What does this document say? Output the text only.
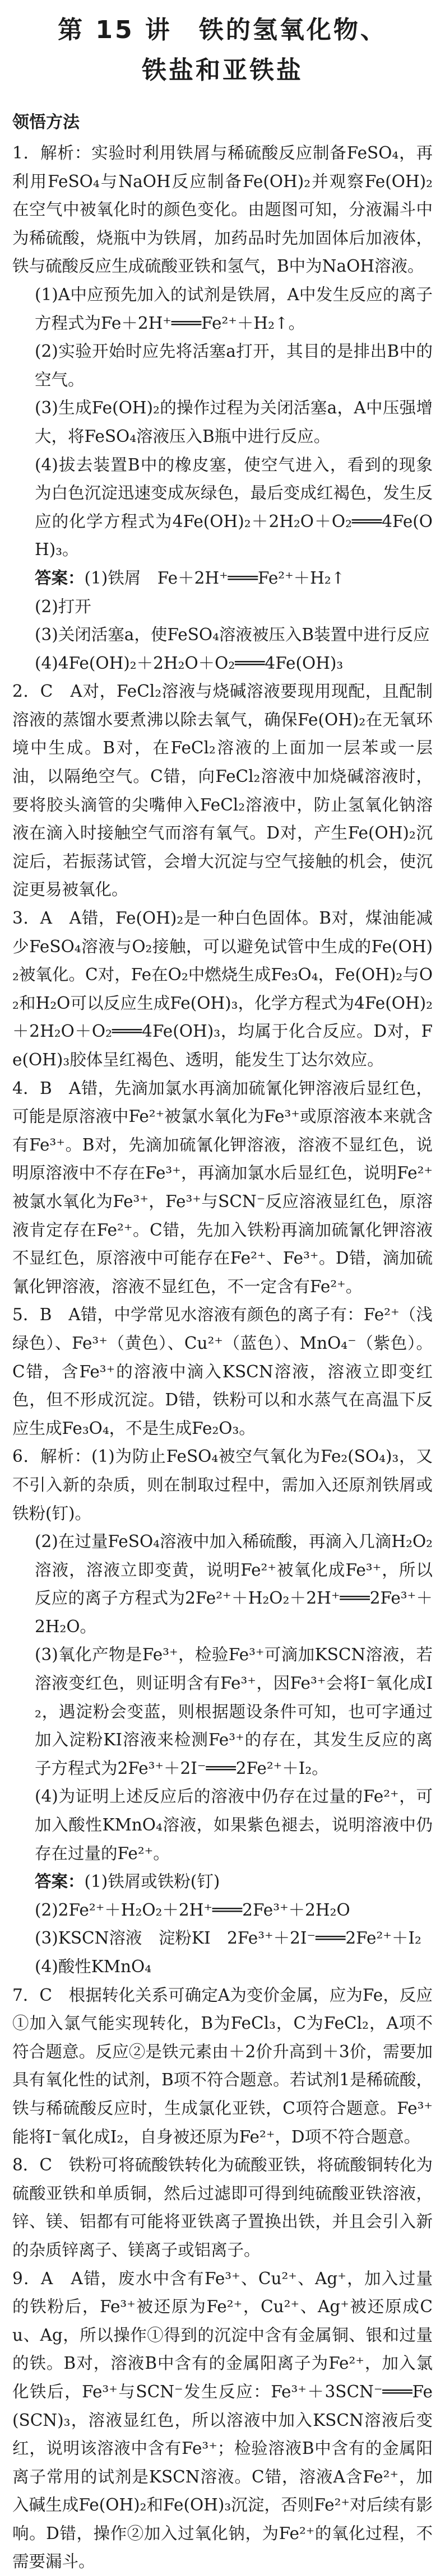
第 15 讲　铁的氢氧化物、

铁盐和亚铁盐

领悟方法

1．解析：实验时利用铁屑与稀硫酸反应制备FeSO₄，再利用FeSO₄与NaOH反应制备Fe(OH)₂并观察Fe(OH)₂在空气中被氧化时的颜色变化。由题图可知，分液漏斗中为稀硫酸，烧瓶中为铁屑，加药品时先加固体后加液体，铁与硫酸反应生成硫酸亚铁和氢气，B中为NaOH溶液。

(1)A中应预先加入的试剂是铁屑，A中发生反应的离子方程式为Fe＋2H⁺═══Fe²⁺＋H₂↑。

(2)实验开始时应先将活塞a打开，其目的是排出B中的空气。

(3)生成Fe(OH)₂的操作过程为关闭活塞a，A中压强增大，将FeSO₄溶液压入B瓶中进行反应。

(4)拔去装置B中的橡皮塞，使空气进入，看到的现象为白色沉淀迅速变成灰绿色，最后变成红褐色，发生反应的化学方程式为4Fe(OH)₂＋2H₂O＋O₂═══4Fe(OH)₃。

答案：(1)铁屑　Fe＋2H⁺═══Fe²⁺＋H₂↑

(2)打开

(3)关闭活塞a，使FeSO₄溶液被压入B装置中进行反应

(4)4Fe(OH)₂＋2H₂O＋O₂═══4Fe(OH)₃

2．C　A对，FeCl₂溶液与烧碱溶液要现用现配，且配制溶液的蒸馏水要煮沸以除去氧气，确保Fe(OH)₂在无氧环境中生成。B对，在FeCl₂溶液的上面加一层苯或一层油，以隔绝空气。C错，向FeCl₂溶液中加烧碱溶液时，要将胶头滴管的尖嘴伸入FeCl₂溶液中，防止氢氧化钠溶液在滴入时接触空气而溶有氧气。D对，产生Fe(OH)₂沉淀后，若振荡试管，会增大沉淀与空气接触的机会，使沉淀更易被氧化。

3．A　A错，Fe(OH)₂是一种白色固体。B对，煤油能减少FeSO₄溶液与O₂接触，可以避免试管中生成的Fe(OH)₂被氧化。C对，Fe在O₂中燃烧生成Fe₃O₄，Fe(OH)₂与O₂和H₂O可以反应生成Fe(OH)₃，化学方程式为4Fe(OH)₂＋2H₂O＋O₂═══4Fe(OH)₃，均属于化合反应。D对，Fe(OH)₃胶体呈红褐色、透明，能发生丁达尔效应。

4．B　A错，先滴加氯水再滴加硫氰化钾溶液后显红色，可能是原溶液中Fe²⁺被氯水氧化为Fe³⁺或原溶液本来就含有Fe³⁺。B对，先滴加硫氰化钾溶液，溶液不显红色，说明原溶液中不存在Fe³⁺，再滴加氯水后显红色，说明Fe²⁺被氯水氧化为Fe³⁺，Fe³⁺与SCN⁻反应溶液显红色，原溶液肯定存在Fe²⁺。C错，先加入铁粉再滴加硫氰化钾溶液不显红色，原溶液中可能存在Fe²⁺、Fe³⁺。D错，滴加硫氰化钾溶液，溶液不显红色，不一定含有Fe²⁺。

5．B　A错，中学常见水溶液有颜色的离子有：Fe²⁺（浅绿色）、Fe³⁺（黄色）、Cu²⁺（蓝色）、MnO₄⁻（紫色）。C错，含Fe³⁺的溶液中滴入KSCN溶液，溶液立即变红色，但不形成沉淀。D错，铁粉可以和水蒸气在高温下反应生成Fe₃O₄，不是生成Fe₂O₃。

6．解析：(1)为防止FeSO₄被空气氧化为Fe₂(SO₄)₃，又不引入新的杂质，则在制取过程中，需加入还原剂铁屑或铁粉(钉)。

(2)在过量FeSO₄溶液中加入稀硫酸，再滴入几滴H₂O₂溶液，溶液立即变黄，说明Fe²⁺被氧化成Fe³⁺，所以反应的离子方程式为2Fe²⁺＋H₂O₂＋2H⁺═══2Fe³⁺＋2H₂O。

(3)氧化产物是Fe³⁺，检验Fe³⁺可滴加KSCN溶液，若溶液变红色，则证明含有Fe³⁺，因Fe³⁺会将I⁻氧化成I₂，遇淀粉会变蓝，则根据题设条件可知，也可字通过加入淀粉KI溶液来检测Fe³⁺的存在，其发生反应的离子方程式为2Fe³⁺＋2I⁻═══2Fe²⁺＋I₂。

(4)为证明上述反应后的溶液中仍存在过量的Fe²⁺，可加入酸性KMnO₄溶液，如果紫色褪去，说明溶液中仍存在过量的Fe²⁺。

答案：(1)铁屑或铁粉(钉)

(2)2Fe²⁺＋H₂O₂＋2H⁺═══2Fe³⁺＋2H₂O

(3)KSCN溶液　淀粉KI　2Fe³⁺＋2I⁻═══2Fe²⁺＋I₂

(4)酸性KMnO₄

7．C　根据转化关系可确定A为变价金属，应为Fe，反应①加入氯气能实现转化，B为FeCl₃，C为FeCl₂，A项不符合题意。反应②是铁元素由＋2价升高到＋3价，需要加具有氧化性的试剂，B项不符合题意。若试剂1是稀硫酸，铁与稀硫酸反应时，生成氯化亚铁，C项符合题意。Fe³⁺能将I⁻氧化成I₂，自身被还原为Fe²⁺，D项不符合题意。

8．C　铁粉可将硫酸铁转化为硫酸亚铁，将硫酸铜转化为硫酸亚铁和单质铜，然后过滤即可得到纯硫酸亚铁溶液，锌、镁、铝都有可能将亚铁离子置换出铁，并且会引入新的杂质锌离子、镁离子或铝离子。

9．A　A错，废水中含有Fe³⁺、Cu²⁺、Ag⁺，加入过量的铁粉后，Fe³⁺被还原为Fe²⁺，Cu²⁺、Ag⁺被还原成Cu、Ag，所以操作①得到的沉淀中含有金属铜、银和过量的铁。B对，溶液B中含有的金属阳离子为Fe²⁺，加入氯化铁后，Fe³⁺与SCN⁻发生反应：Fe³⁺＋3SCN⁻═══Fe(SCN)₃，溶液显红色，所以溶液中加入KSCN溶液后变红，说明该溶液中含有Fe³⁺；检验溶液B中含有的金属阳离子常用的试剂是KSCN溶液。C错，溶液A含Fe²⁺，加入碱生成Fe(OH)₂和Fe(OH)₃沉淀，否则Fe²⁺对后续有影响。D错，操作②加入过氧化钠，为Fe²⁺的氧化过程，不需要漏斗。
